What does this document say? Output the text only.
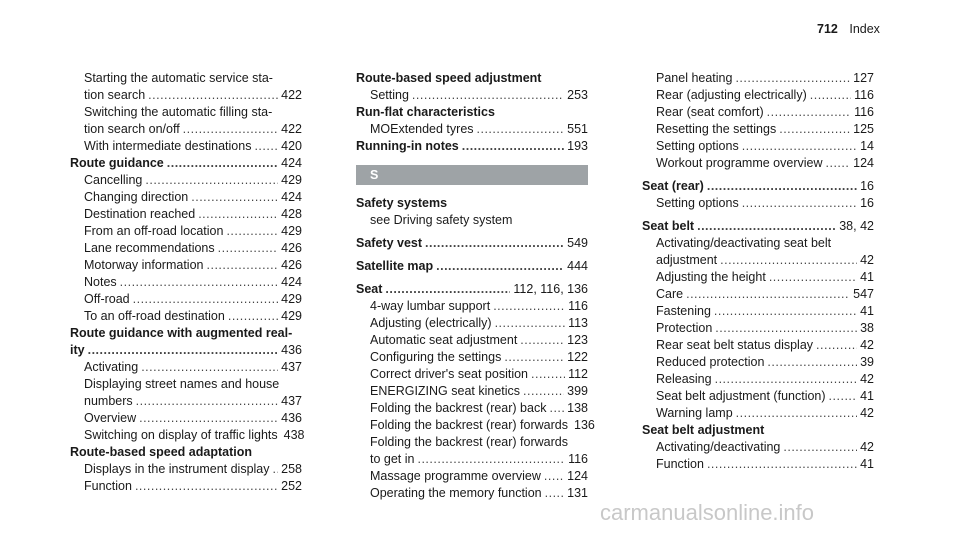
712 Index
Starting the automatic service sta-
tion search .....	422
Switching the automatic filling sta-
tion search on/off .....	422
With intermediate destinations ..... 420
Route guidance .....	424
Cancelling .....	429
Changing direction .....	424
Destination reached .....	428
From an off-road location .....	429
Lane recommendations .....	426
Motorway information .....	426
Notes .....	424
Off-road .....	429
To an off-road destination .....	429
Route guidance with augmented real-
ity .....	436
Activating .....	437
Displaying street names and house
numbers .....	437
Overview .....	436
Switching on display of traffic lights 438
Route-based speed adaptation
Displays in the instrument display ..... 258
Function .....	252
Route-based speed adjustment
Setting .....	253
Run-flat characteristics
MOExtended tyres .....	551
Running-in notes .....	193
S
Safety systems
see Driving safety system
Safety vest .....	549
Satellite map .....	444
Seat .....	112, 116, 136
4-way lumbar support .....	116
Adjusting (electrically) .....	113
Automatic seat adjustment .....	123
Configuring the settings .....	122
Correct driver's seat position .....	112
ENERGIZING seat kinetics .....	399
Folding the backrest (rear) back ..... 138
Folding the backrest (rear) forwards 136
Folding the backrest (rear) forwards
to get in .....	116
Massage programme overview ..... 124
Operating the memory function ..... 131
Panel heating .....	127
Rear (adjusting electrically) .....	116
Rear (seat comfort) .....	116
Resetting the settings .....	125
Setting options .....	14
Workout programme overview ..... 124
Seat (rear) .....	16
Setting options .....	16
Seat belt .....	38, 42
Activating/deactivating seat belt
adjustment .....	42
Adjusting the height .....	41
Care .....	547
Fastening .....	41
Protection .....	38
Rear seat belt status display .....	42
Reduced protection .....	39
Releasing .....	42
Seat belt adjustment (function) .....	41
Warning lamp .....	42
Seat belt adjustment
Activating/deactivating .....	42
Function .....	41
carmanualsonline.info
